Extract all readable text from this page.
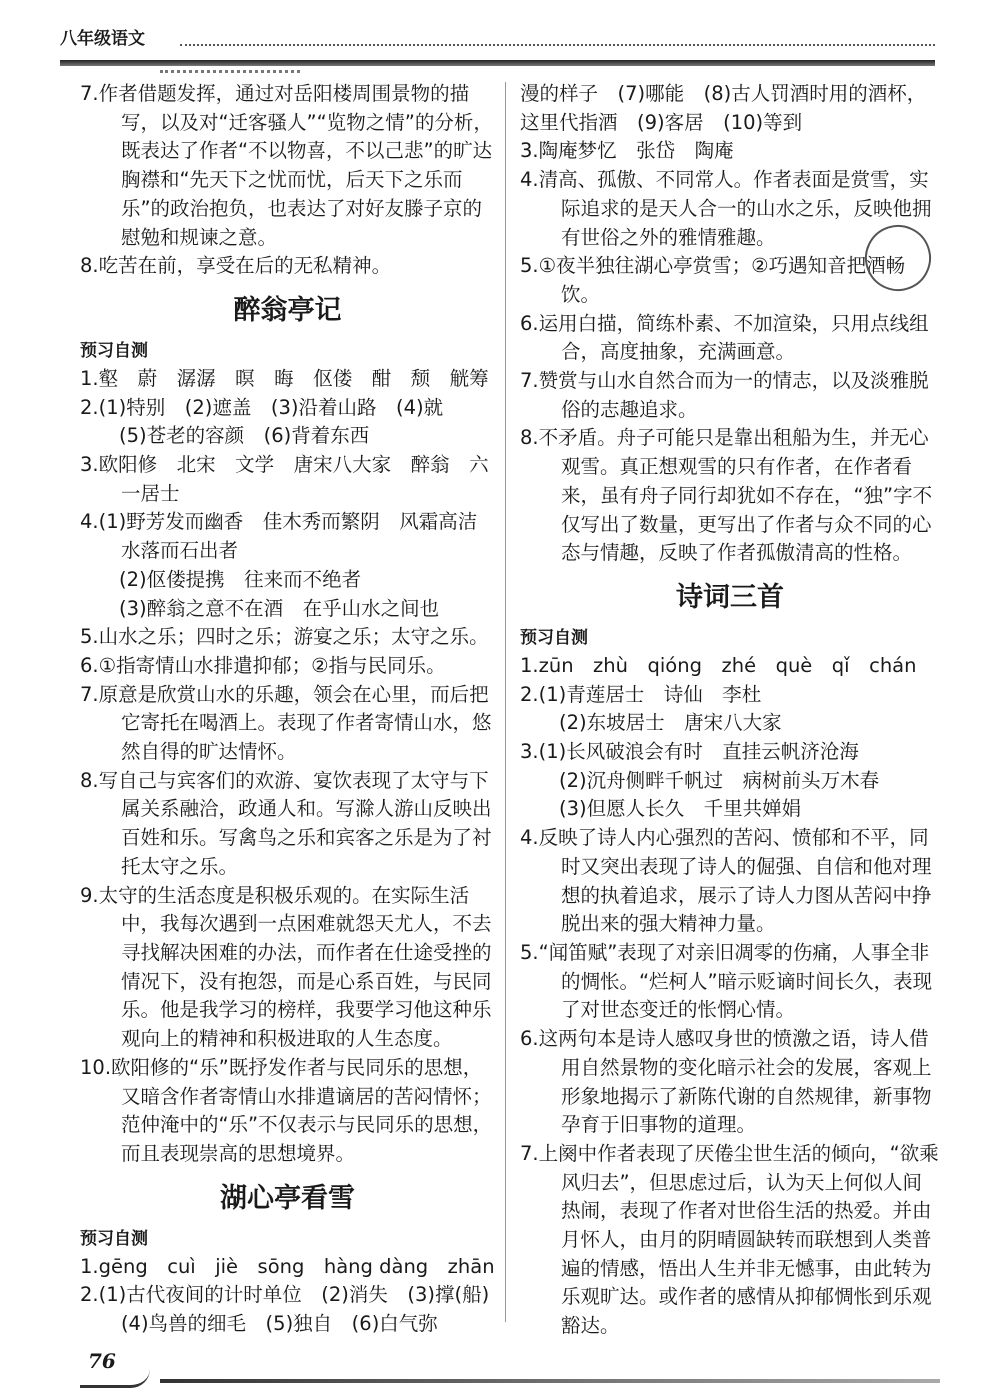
八年级语文

7.作者借题发挥，通过对岳阳楼周围景物的描写，以及对“迁客骚人”“览物之情”的分析，既表达了作者“不以物喜，不以己悲”的旷达胸襟和“先天下之忧而忧，后天下之乐而乐”的政治抱负，也表达了对好友滕子京的慰勉和规谏之意。

8.吃苦在前，享受在后的无私精神。

醉翁亭记
预习自测

1.壑　蔚　潺潺　暝　晦　伛偻　酣　颓　觥筹

2.(1)特别　(2)遮盖　(3)沿着山路　(4)就

(5)苍老的容颜　(6)背着东西

3.欧阳修　北宋　文学　唐宋八大家　醉翁　六一居士

4.(1)野芳发而幽香　佳木秀而繁阴　风霜高洁　水落而石出者

(2)伛偻提携　往来而不绝者

(3)醉翁之意不在酒　在乎山水之间也

5.山水之乐；四时之乐；游宴之乐；太守之乐。

6.①指寄情山水排遣抑郁；②指与民同乐。

7.原意是欣赏山水的乐趣，领会在心里，而后把它寄托在喝酒上。表现了作者寄情山水，悠然自得的旷达情怀。

8.写自己与宾客们的欢游、宴饮表现了太守与下属关系融洽，政通人和。写滁人游山反映出百姓和乐。写禽鸟之乐和宾客之乐是为了衬托太守之乐。

9.太守的生活态度是积极乐观的。在实际生活中，我每次遇到一点困难就怨天尤人，不去寻找解决困难的办法，而作者在仕途受挫的情况下，没有抱怨，而是心系百姓，与民同乐。他是我学习的榜样，我要学习他这种乐观向上的精神和积极进取的人生态度。

10.欧阳修的“乐”既抒发作者与民同乐的思想，又暗含作者寄情山水排遣谪居的苦闷情怀；范仲淹中的“乐”不仅表示与民同乐的思想，而且表现崇高的思想境界。

湖心亭看雪
预习自测

1.gēng　cuì　jiè　sōng　hàng dàng　zhān

2.(1)古代夜间的计时单位　(2)消失　(3)撑(船)　(4)鸟兽的细毛　(5)独自　(6)白气弥

漫的样子　(7)哪能　(8)古人罚酒时用的酒杯，这里代指酒　(9)客居　(10)等到

3.陶庵梦忆　张岱　陶庵

4.清高、孤傲、不同常人。作者表面是赏雪，实际追求的是天人合一的山水之乐，反映他拥有世俗之外的雅情雅趣。

5.①夜半独往湖心亭赏雪；②巧遇知音把酒畅饮。

6.运用白描，简练朴素、不加渲染，只用点线组合，高度抽象，充满画意。

7.赞赏与山水自然合而为一的情志，以及淡雅脱俗的志趣追求。

8.不矛盾。舟子可能只是靠出租船为生，并无心观雪。真正想观雪的只有作者，在作者看来，虽有舟子同行却犹如不存在，“独”字不仅写出了数量，更写出了作者与众不同的心态与情趣，反映了作者孤傲清高的性格。

诗词三首
预习自测

1.zūn　zhù　qióng　zhé　què　qǐ　chán

2.(1)青莲居士　诗仙　李杜

(2)东坡居士　唐宋八大家

3.(1)长风破浪会有时　直挂云帆济沧海

(2)沉舟侧畔千帆过　病树前头万木春

(3)但愿人长久　千里共婵娟

4.反映了诗人内心强烈的苦闷、愤郁和不平，同时又突出表现了诗人的倔强、自信和他对理想的执着追求，展示了诗人力图从苦闷中挣脱出来的强大精神力量。

5.“闻笛赋”表现了对亲旧凋零的伤痛，人事全非的惆怅。“烂柯人”暗示贬谪时间长久，表现了对世态变迁的怅惘心情。

6.这两句本是诗人感叹身世的愤激之语，诗人借用自然景物的变化暗示社会的发展，客观上形象地揭示了新陈代谢的自然规律，新事物孕育于旧事物的道理。

7.上阕中作者表现了厌倦尘世生活的倾向，“欲乘风归去”，但思虑过后，认为天上何似人间热闹，表现了作者对世俗生活的热爱。并由月怀人，由月的阴晴圆缺转而联想到人类普遍的情感，悟出人生并非无憾事，由此转为乐观旷达。或作者的感情从抑郁惆怅到乐观豁达。

76
